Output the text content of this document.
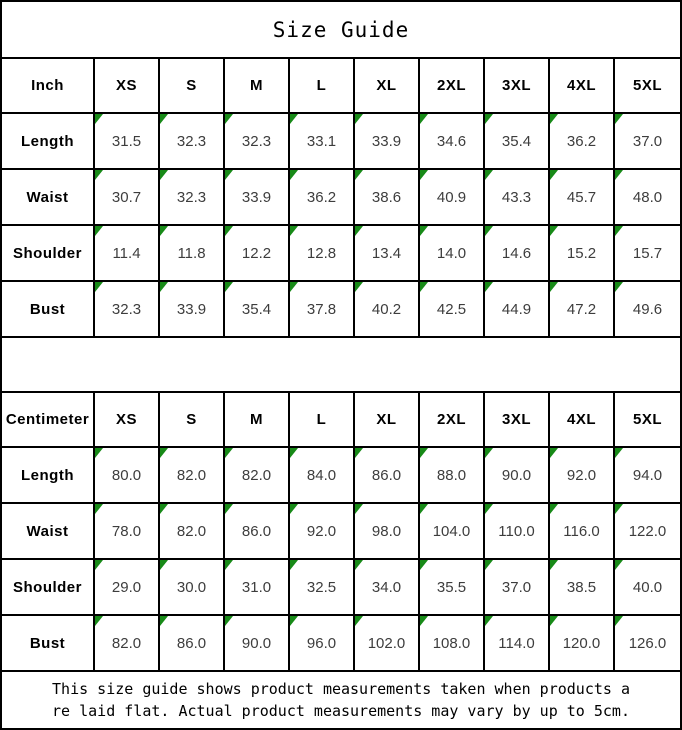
Size Guide
Inch	XS	S	M	L	XL	2XL	3XL	4XL	5XL
Length	31.5	32.3	32.3	33.1	33.9	34.6	35.4	36.2	37.0
Waist	30.7	32.3	33.9	36.2	38.6	40.9	43.3	45.7	48.0
Shoulder	11.4	11.8	12.2	12.8	13.4	14.0	14.6	15.2	15.7
Bust	32.3	33.9	35.4	37.8	40.2	42.5	44.9	47.2	49.6
Centimeter	XS	S	M	L	XL	2XL	3XL	4XL	5XL
Length	80.0	82.0	82.0	84.0	86.0	88.0	90.0	92.0	94.0
Waist	78.0	82.0	86.0	92.0	98.0	104.0	110.0	116.0	122.0
Shoulder	29.0	30.0	31.0	32.5	34.0	35.5	37.0	38.5	40.0
Bust	82.0	86.0	90.0	96.0	102.0	108.0	114.0	120.0	126.0
This size guide shows product measurements taken when products a
re laid flat. Actual product measurements may vary by up to 5cm.
